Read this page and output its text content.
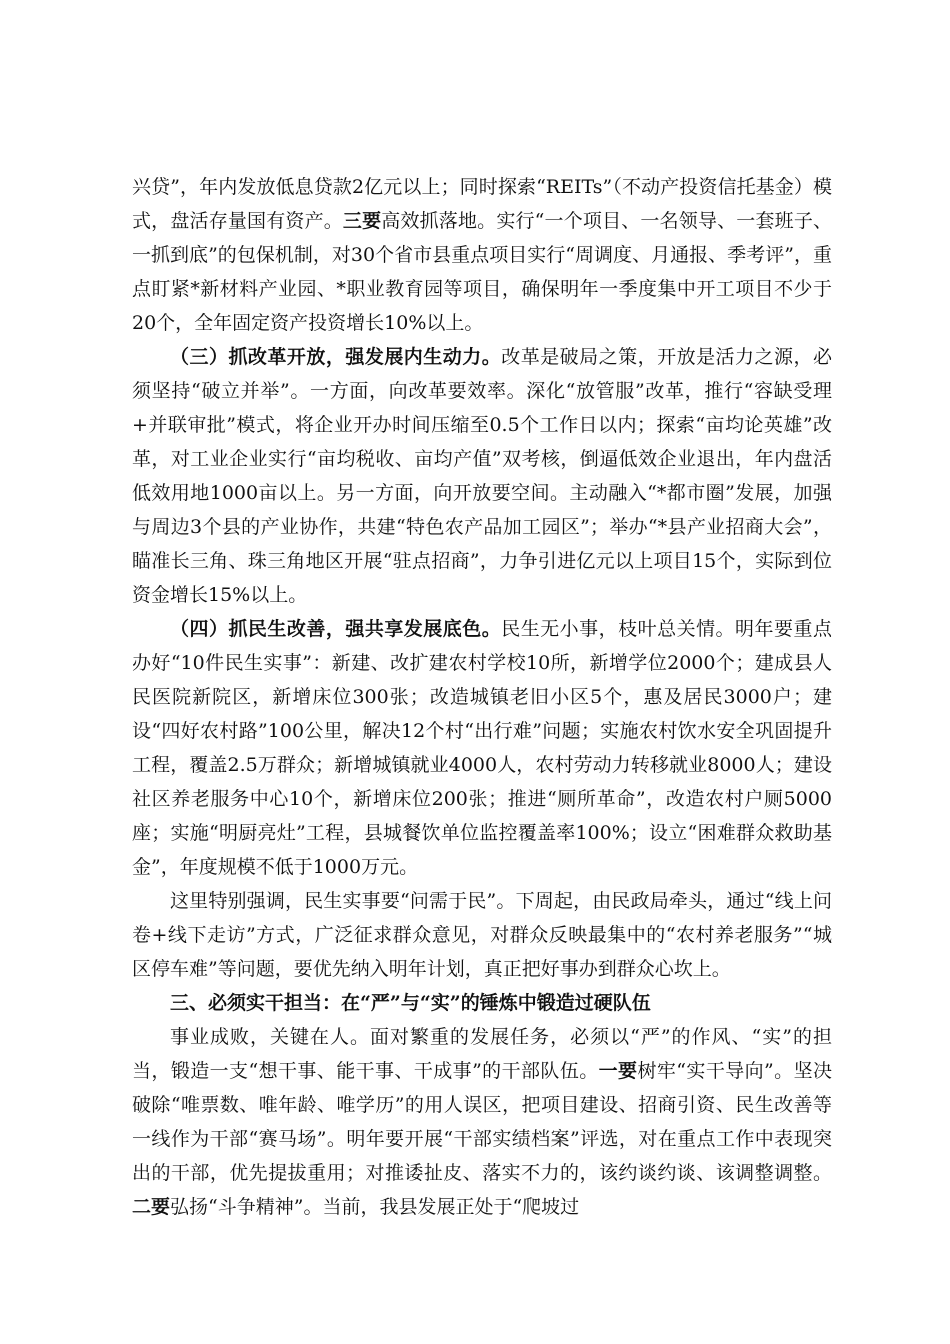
兴贷”，年内发放低息贷款2亿元以上；同时探索“REITs”（不动产投资信托基金）模式，盘活存量国有资产。三要高效抓落地。实行“一个项目、一名领导、一套班子、一抓到底”的包保机制，对30个省市县重点项目实行“周调度、月通报、季考评”，重点盯紧*新材料产业园、*职业教育园等项目，确保明年一季度集中开工项目不少于20个，全年固定资产投资增长10%以上。

（三）抓改革开放，强发展内生动力。改革是破局之策，开放是活力之源，必须坚持“破立并举”。一方面，向改革要效率。深化“放管服”改革，推行“容缺受理+并联审批”模式，将企业开办时间压缩至0.5个工作日以内；探索“亩均论英雄”改革，对工业企业实行“亩均税收、亩均产值”双考核，倒逼低效企业退出，年内盘活低效用地1000亩以上。另一方面，向开放要空间。主动融入“*都市圈”发展，加强与周边3个县的产业协作，共建“特色农产品加工园区”；举办“*县产业招商大会”，瞄准长三角、珠三角地区开展“驻点招商”，力争引进亿元以上项目15个，实际到位资金增长15%以上。

（四）抓民生改善，强共享发展底色。民生无小事，枝叶总关情。明年要重点办好“10件民生实事”：新建、改扩建农村学校10所，新增学位2000个；建成县人民医院新院区，新增床位300张；改造城镇老旧小区5个，惠及居民3000户；建设“四好农村路”100公里，解决12个村“出行难”问题；实施农村饮水安全巩固提升工程，覆盖2.5万群众；新增城镇就业4000人，农村劳动力转移就业8000人；建设社区养老服务中心10个，新增床位200张；推进“厕所革命”，改造农村户厕5000座；实施“明厨亮灶”工程，县城餐饮单位监控覆盖率100%；设立“困难群众救助基金”，年度规模不低于1000万元。

这里特别强调，民生实事要“问需于民”。下周起，由民政局牵头，通过“线上问卷+线下走访”方式，广泛征求群众意见，对群众反映最集中的“农村养老服务”“城区停车难”等问题，要优先纳入明年计划，真正把好事办到群众心坎上。

三、必须实干担当：在“严”与“实”的锤炼中锻造过硬队伍

事业成败，关键在人。面对繁重的发展任务，必须以“严”的作风、“实”的担当，锻造一支“想干事、能干事、干成事”的干部队伍。一要树牢“实干导向”。坚决破除“唯票数、唯年龄、唯学历”的用人误区，把项目建设、招商引资、民生改善等一线作为干部“赛马场”。明年要开展“干部实绩档案”评选，对在重点工作中表现突出的干部，优先提拔重用；对推诿扯皮、落实不力的，该约谈约谈、该调整调整。二要弘扬“斗争精神”。当前，我县发展正处于“爬坡过
